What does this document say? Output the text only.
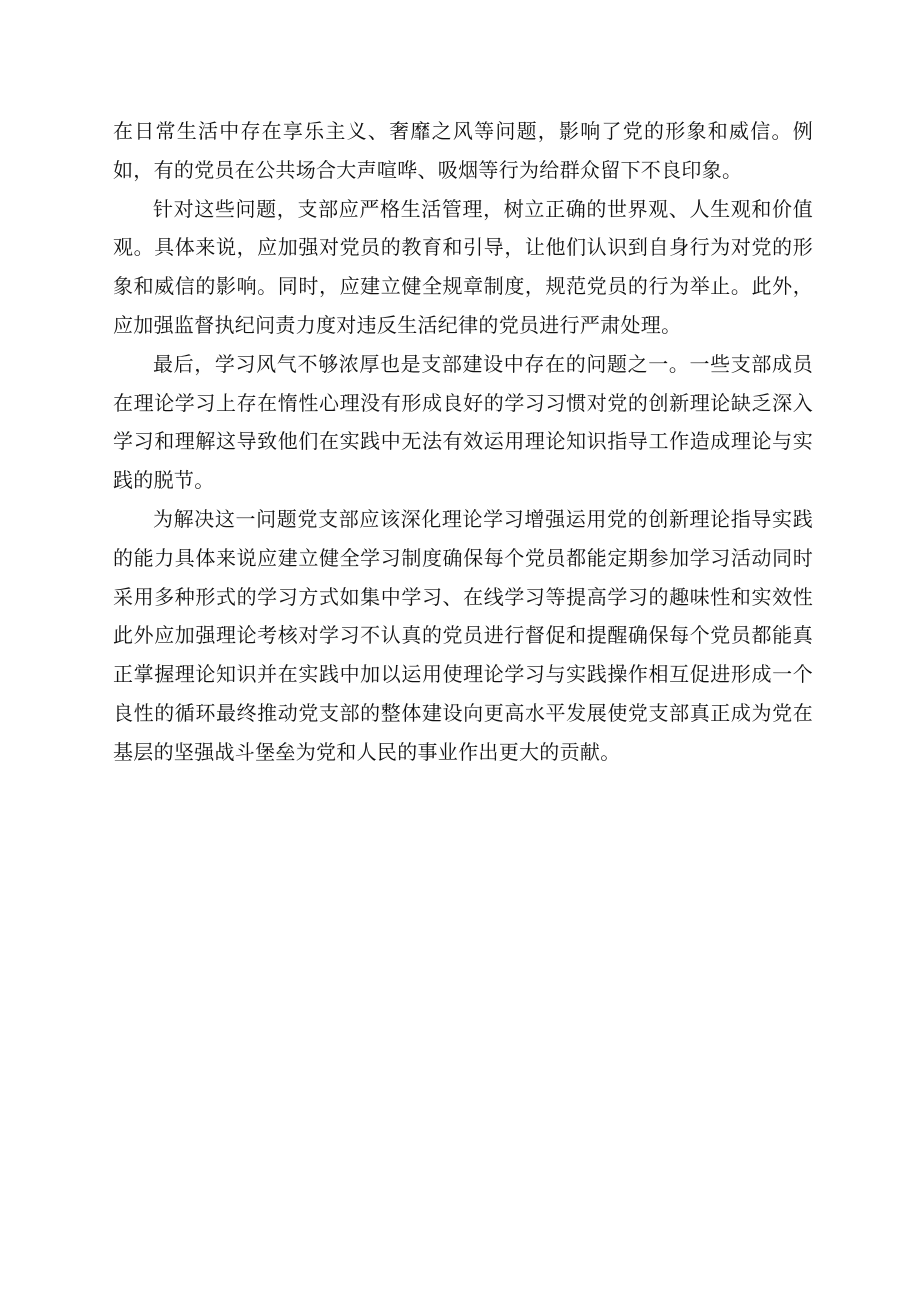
在日常生活中存在享乐主义、奢靡之风等问题，影响了党的形象和威信。例如，有的党员在公共场合大声喧哗、吸烟等行为给群众留下不良印象。

针对这些问题，支部应严格生活管理，树立正确的世界观、人生观和价值观。具体来说，应加强对党员的教育和引导，让他们认识到自身行为对党的形象和威信的影响。同时，应建立健全规章制度，规范党员的行为举止。此外，应加强监督执纪问责力度对违反生活纪律的党员进行严肃处理。

最后，学习风气不够浓厚也是支部建设中存在的问题之一。一些支部成员在理论学习上存在惰性心理没有形成良好的学习习惯对党的创新理论缺乏深入学习和理解这导致他们在实践中无法有效运用理论知识指导工作造成理论与实践的脱节。

为解决这一问题党支部应该深化理论学习增强运用党的创新理论指导实践的能力具体来说应建立健全学习制度确保每个党员都能定期参加学习活动同时采用多种形式的学习方式如集中学习、在线学习等提高学习的趣味性和实效性此外应加强理论考核对学习不认真的党员进行督促和提醒确保每个党员都能真正掌握理论知识并在实践中加以运用使理论学习与实践操作相互促进形成一个良性的循环最终推动党支部的整体建设向更高水平发展使党支部真正成为党在基层的坚强战斗堡垒为党和人民的事业作出更大的贡献。
